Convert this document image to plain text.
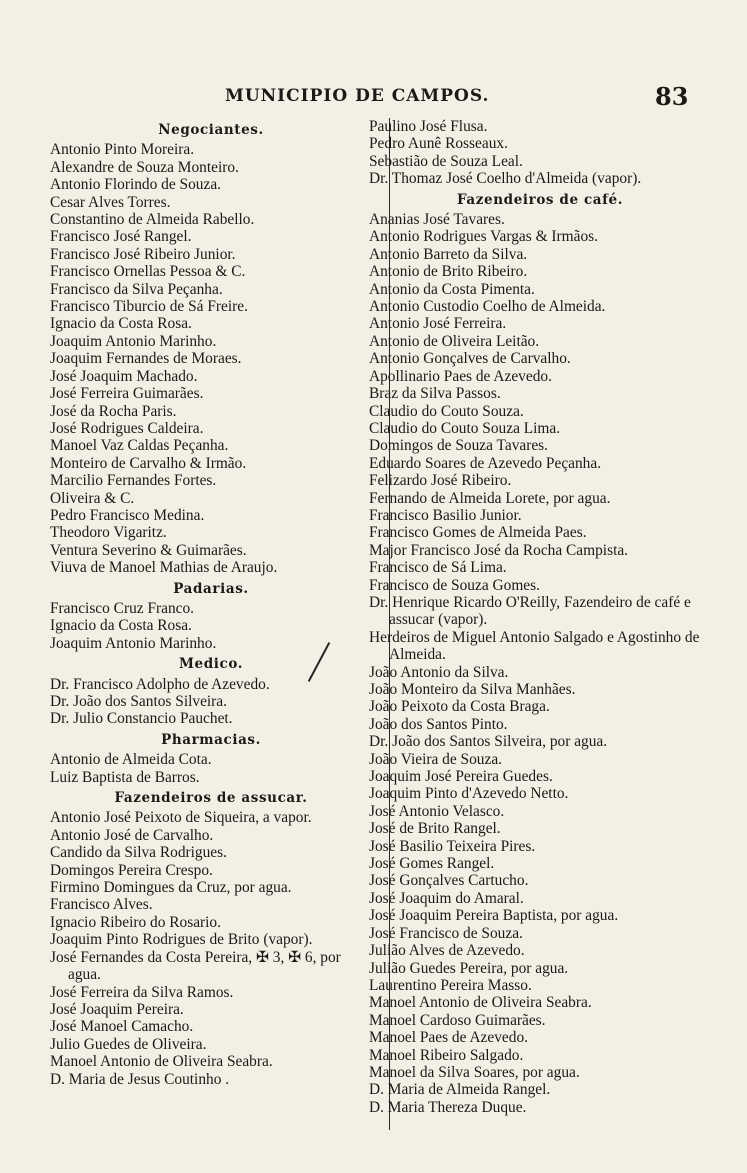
MUNICIPIO DE CAMPOS.	83
Negociantes.
Antonio Pinto Moreira.
Alexandre de Souza Monteiro.
Antonio Florindo de Souza.
Cesar Alves Torres.
Constantino de Almeida Rabello.
Francisco José Rangel.
Francisco José Ribeiro Junior.
Francisco Ornellas Pessoa & C.
Francisco da Silva Peçanha.
Francisco Tiburcio de Sá Freire.
Ignacio da Costa Rosa.
Joaquim Antonio Marinho.
Joaquim Fernandes de Moraes.
José Joaquim Machado.
José Ferreira Guimarães.
José da Rocha Paris.
José Rodrigues Caldeira.
Manoel Vaz Caldas Peçanha.
Monteiro de Carvalho & Irmão.
Marcilio Fernandes Fortes.
Oliveira & C.
Pedro Francisco Medina.
Theodoro Vigaritz.
Ventura Severino & Guimarães.
Viuva de Manoel Mathias de Araujo.
Padarias.
Francisco Cruz Franco.
Ignacio da Costa Rosa.
Joaquim Antonio Marinho.
Medico.
Dr. Francisco Adolpho de Azevedo.
Dr. João dos Santos Silveira.
Dr. Julio Constancio Pauchet.
Pharmacias.
Antonio de Almeida Cota.
Luiz Baptista de Barros.
Fazendeiros de assucar.
Antonio José Peixoto de Siqueira, a vapor.
Antonio José de Carvalho.
Candido da Silva Rodrigues.
Domingos Pereira Crespo.
Firmino Domingues da Cruz, por agua.
Francisco Alves.
Ignacio Ribeiro do Rosario.
Joaquim Pinto Rodrigues de Brito (vapor).
José Fernandes da Costa Pereira, ✠ 3, ✠ 6, por agua.
José Ferreira da Silva Ramos.
José Joaquim Pereira.
José Manoel Camacho.
Julio Guedes de Oliveira.
Manoel Antonio de Oliveira Seabra.
D. Maria de Jesus Coutinho .
Paulino José Flusa.
Pedro Aunê Rosseaux.
Sebastião de Souza Leal.
Dr. Thomaz José Coelho d'Almeida (vapor).
Fazendeiros de café.
Ananias José Tavares.
Antonio Rodrigues Vargas & Irmãos.
Antonio Barreto da Silva.
Antonio de Brito Ribeiro.
Antonio da Costa Pimenta.
Antonio Custodio Coelho de Almeida.
Antonio José Ferreira.
Antonio de Oliveira Leitão.
Antonio Gonçalves de Carvalho.
Apollinario Paes de Azevedo.
Braz da Silva Passos.
Claudio do Couto Souza.
Claudio do Couto Souza Lima.
Domingos de Souza Tavares.
Eduardo Soares de Azevedo Peçanha.
Felizardo José Ribeiro.
Fernando de Almeida Lorete, por agua.
Francisco Basilio Junior.
Francisco Gomes de Almeida Paes.
Major Francisco José da Rocha Campista.
Francisco de Sá Lima.
Francisco de Souza Gomes.
Dr. Henrique Ricardo O'Reilly, Fazendeiro de café e assucar (vapor).
Herdeiros de Miguel Antonio Salgado e Agostinho de Almeida.
João Antonio da Silva.
João Monteiro da Silva Manhães.
João Peixoto da Costa Braga.
João dos Santos Pinto.
Dr. João dos Santos Silveira, por agua.
João Vieira de Souza.
Joaquim José Pereira Guedes.
Joaquim Pinto d'Azevedo Netto.
José Antonio Velasco.
José de Brito Rangel.
José Basilio Teixeira Pires.
José Gomes Rangel.
José Gonçalves Cartucho.
José Joaquim do Amaral.
José Joaquim Pereira Baptista, por agua.
José Francisco de Souza.
Julião Alves de Azevedo.
Julião Guedes Pereira, por agua.
Laurentino Pereira Masso.
Manoel Antonio de Oliveira Seabra.
Manoel Cardoso Guimarães.
Manoel Paes de Azevedo.
Manoel Ribeiro Salgado.
Manoel da Silva Soares, por agua.
D. Maria de Almeida Rangel.
D. Maria Thereza Duque.
